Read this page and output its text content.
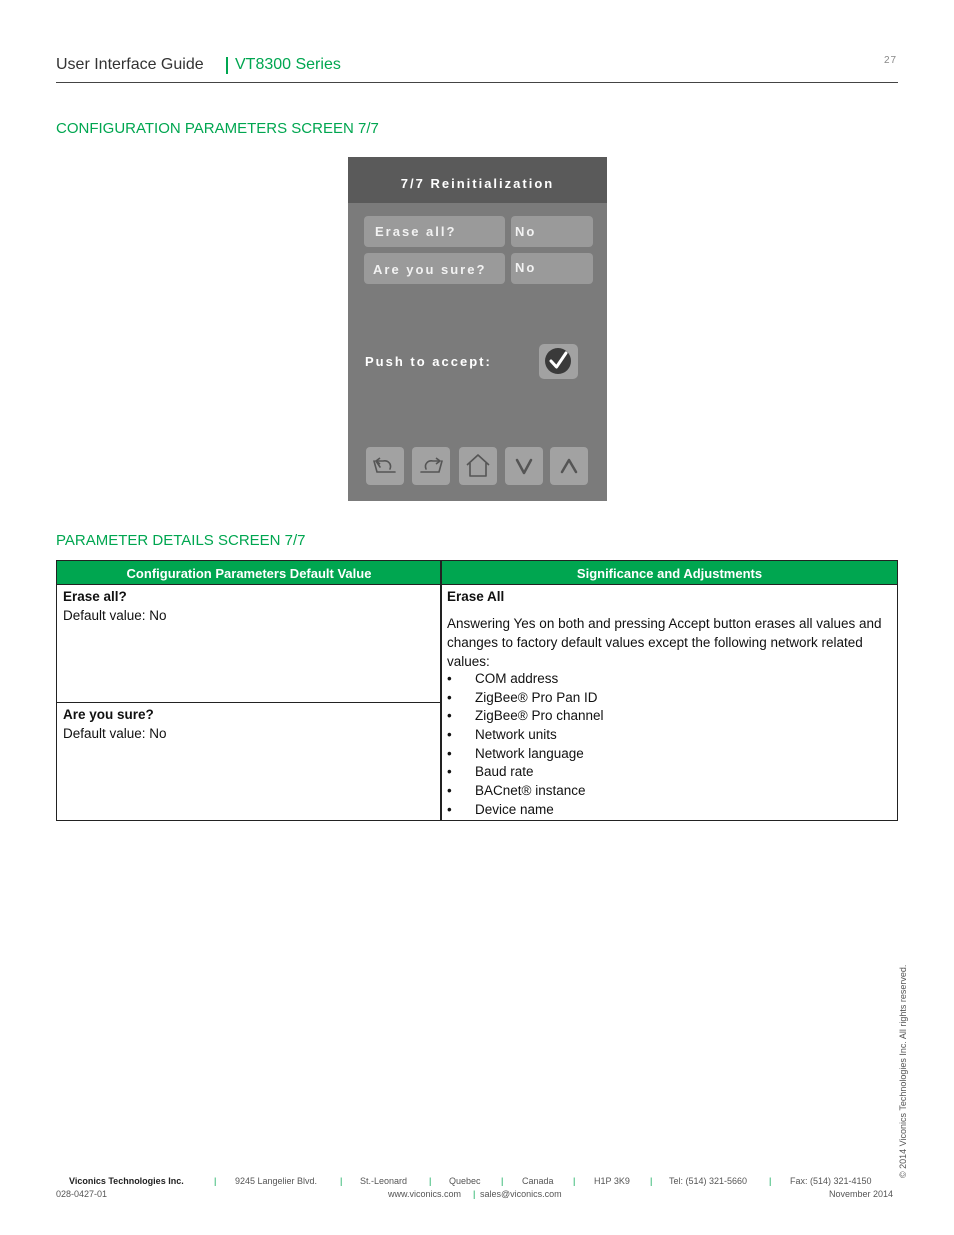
User Interface Guide VT8300 Series	27
CONFIGURATION PARAMETERS SCREEN 7/7
7/7 Reinitialization
Erase all?	No
Are you sure?	No
Push to accept:
PARAMETER DETAILS SCREEN 7/7
Configuration Parameters Default Value	Significance and Adjustments
Erase all?
Default value: No
Are you sure?
Default value: No
Erase All
Answering Yes on both and pressing Accept button erases all values and changes to factory default values except the following network related values:
• COM address
• ZigBee® Pro Pan ID
• ZigBee® Pro channel
• Network units
• Network language
• Baud rate
• BACnet® instance
• Device name
© 2014 Viconics Technologies Inc. All rights reserved.
Viconics Technologies Inc.	| 9245 Langelier Blvd.	| St.-Leonard | Quebec | Canada | H1P 3K9 | Tel: (514) 321-5660 | Fax: (514) 321-4150
028-0427-01	www.viconics.com | sales@viconics.com	November 2014
